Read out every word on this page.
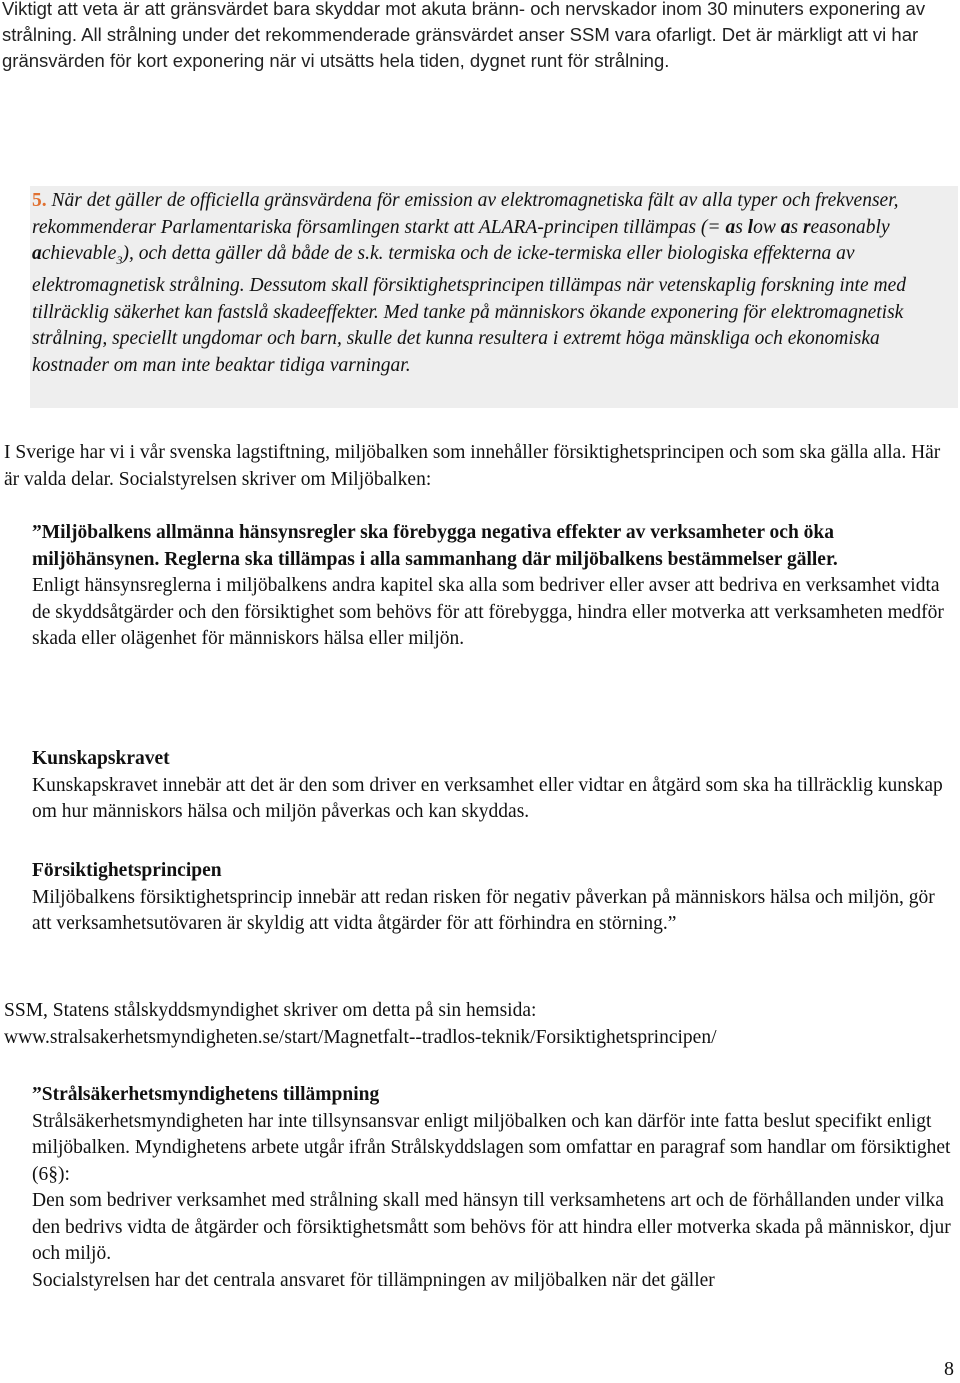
Viktigt att veta är att gränsvärdet bara skyddar mot akuta bränn- och nervskador inom 30 minuters exponering av strålning. All strålning under det rekommenderade gränsvärdet anser SSM vara ofarligt. Det är märkligt att vi har gränsvärden för kort exponering när vi utsätts hela tiden, dygnet runt för strålning.

5. När det gäller de officiella gränsvärdena för emission av elektromagnetiska fält av alla typer och frekvenser, rekommenderar Parlamentariska församlingen starkt att ALARA-principen tillämpas (= as low as reasonably achievable$_3$), och detta gäller då både de s.k. termiska och de icke-termiska eller biologiska effekterna av elektromagnetisk strålning. Dessutom skall försiktighetsprincipen tillämpas när vetenskaplig forskning inte med tillräcklig säkerhet kan fastslå skadeeffekter. Med tanke på människors ökande exponering för elektromagnetisk strålning, speciellt ungdomar och barn, skulle det kunna resultera i extremt höga mänskliga och ekonomiska kostnader om man inte beaktar tidiga varningar.

I Sverige har vi i vår svenska lagstiftning, miljöbalken som innehåller försiktighetsprincipen och som ska gälla alla. Här är valda delar. Socialstyrelsen skriver om Miljöbalken:

”Miljöbalkens allmänna hänsynsregler ska förebygga negativa effekter av verksamheter och öka miljöhänsynen. Reglerna ska tillämpas i alla sammanhang där miljöbalkens bestämmelser gäller.

Enligt hänsynsreglerna i miljöbalkens andra kapitel ska alla som bedriver eller avser att bedriva en verksamhet vidta de skyddsåtgärder och den försiktighet som behövs för att förebygga, hindra eller motverka att verksamheten medför skada eller olägenhet för människors hälsa eller miljön.

Kunskapskravet

Kunskapskravet innebär att det är den som driver en verksamhet eller vidtar en åtgärd som ska ha tillräcklig kunskap om hur människors hälsa och miljön påverkas och kan skyddas.

Försiktighetsprincipen

Miljöbalkens försiktighetsprincip innebär att redan risken för negativ påverkan på människors hälsa och miljön, gör att verksamhetsutövaren är skyldig att vidta åtgärder för att förhindra en störning.”

SSM, Statens stålskyddsmyndighet skriver om detta på sin hemsida:

www.stralsakerhetsmyndigheten.se/start/Magnetfalt--tradlos-teknik/Forsiktighetsprincipen/

”Strålsäkerhetsmyndighetens tillämpning

Strålsäkerhetsmyndigheten har inte tillsynsansvar enligt miljöbalken och kan därför inte fatta beslut specifikt enligt miljöbalken. Myndighetens arbete utgår ifrån Strålskyddslagen som omfattar en paragraf som handlar om försiktighet (6§):

Den som bedriver verksamhet med strålning skall med hänsyn till verksamhetens art och de förhållanden under vilka den bedrivs vidta de åtgärder och försiktighetsmått som behövs för att hindra eller motverka skada på människor, djur och miljö.

Socialstyrelsen har det centrala ansvaret för tillämpningen av miljöbalken när det gäller

8
